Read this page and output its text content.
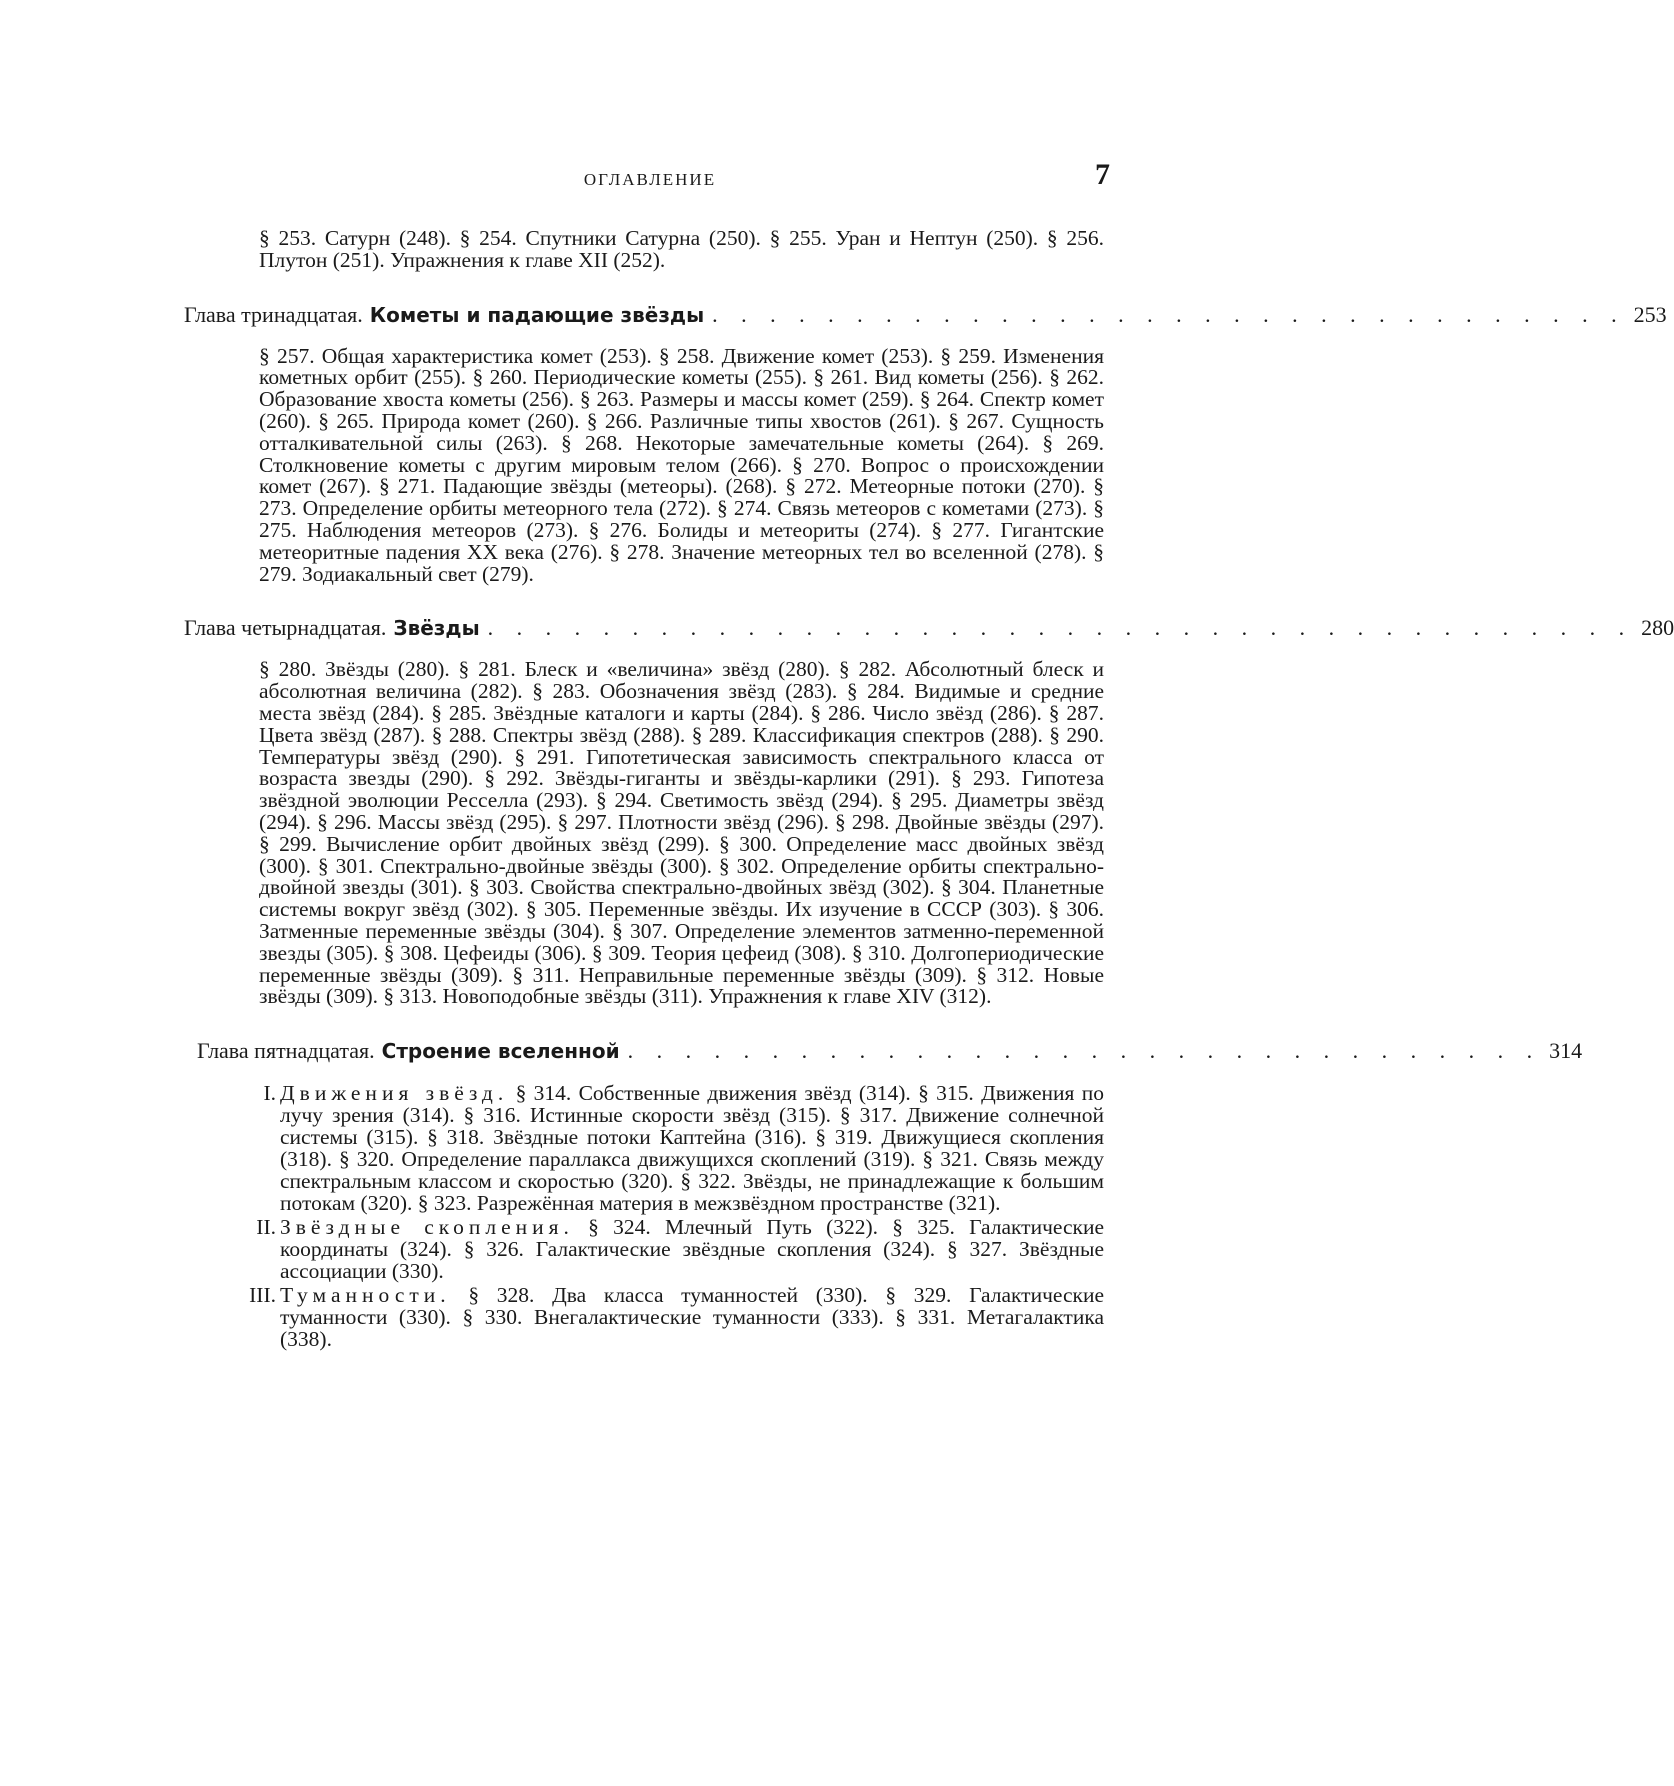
ОГЛАВЛЕНИЕ	7
§ 253. Сатурн (248). § 254. Спутники Сатурна (250). § 255. Уран и Нептун (250). § 256. Плутон (251). Упражнения к главе XII (252).
Глава тринадцатая. Кометы и падающие звёзды . . . . . . . . . . . . . . . . . . . . . . . . . . . . . . . . 253
§ 257. Общая характеристика комет (253). § 258. Движение комет (253). § 259. Изменения кометных орбит (255). § 260. Периодические кометы (255). § 261. Вид кометы (256). § 262. Образование хвоста кометы (256). § 263. Размеры и массы комет (259). § 264. Спектр комет (260). § 265. Природа комет (260). § 266. Различные типы хвостов (261). § 267. Сущность отталкивательной силы (263). § 268. Некоторые замечательные кометы (264). § 269. Столкновение кометы с другим мировым телом (266). § 270. Вопрос о происхождении комет (267). § 271. Падающие звёзды (метеоры). (268). § 272. Метеорные потоки (270). § 273. Определение орбиты метеорного тела (272). § 274. Связь метеоров с кометами (273). § 275. Наблюдения метеоров (273). § 276. Болиды и метеориты (274). § 277. Гигантские метеоритные падения XX века (276). § 278. Значение метеорных тел во вселенной (278). § 279. Зодиакальный свет (279).
Глава четырнадцатая. Звёзды . . . . . . . . . . . . . . . . . . . . . . . . . . . . . . . . . . . . . . . . 280
§ 280. Звёзды (280). § 281. Блеск и «величина» звёзд (280). § 282. Абсолютный блеск и абсолютная величина (282). § 283. Обозначения звёзд (283). § 284. Видимые и средние места звёзд (284). § 285. Звёздные каталоги и карты (284). § 286. Число звёзд (286). § 287. Цвета звёзд (287). § 288. Спектры звёзд (288). § 289. Классификация спектров (288). § 290. Температуры звёзд (290). § 291. Гипотетическая зависимость спектрального класса от возраста звезды (290). § 292. Звёзды-гиганты и звёзды-карлики (291). § 293. Гипотеза звёздной эволюции Ресселла (293). § 294. Светимость звёзд (294). § 295. Диаметры звёзд (294). § 296. Массы звёзд (295). § 297. Плотности звёзд (296). § 298. Двойные звёзды (297). § 299. Вычисление орбит двойных звёзд (299). § 300. Определение масс двойных звёзд (300). § 301. Спектрально-двойные звёзды (300). § 302. Определение орбиты спектрально-двойной звезды (301). § 303. Свойства спектрально-двойных звёзд (302). § 304. Планетные системы вокруг звёзд (302). § 305. Переменные звёзды. Их изучение в СССР (303). § 306. Затменные переменные звёзды (304). § 307. Определение элементов затменно-переменной звезды (305). § 308. Цефеиды (306). § 309. Теория цефеид (308). § 310. Долгопериодические переменные звёзды (309). § 311. Неправильные переменные звёзды (309). § 312. Новые звёзды (309). § 313. Новоподобные звёзды (311). Упражнения к главе XIV (312).
Глава пятнадцатая. Строение вселенной . . . . . . . . . . . . . . . . . . . . . . . . . . . . . . . . 314
I. Движения звёзд. § 314. Собственные движения звёзд (314). § 315. Движения по лучу зрения (314). § 316. Истинные скорости звёзд (315). § 317. Движение солнечной системы (315). § 318. Звёздные потоки Каптейна (316). § 319. Движущиеся скопления (318). § 320. Определение параллакса движущихся скоплений (319). § 321. Связь между спектральным классом и скоростью (320). § 322. Звёзды, не принадлежащие к большим потокам (320). § 323. Разрежённая материя в межзвёздном пространстве (321).
II. Звёздные скопления. § 324. Млечный Путь (322). § 325. Галактические координаты (324). § 326. Галактические звёздные скопления (324). § 327. Звёздные ассоциации (330).
III. Туманности. § 328. Два класса туманностей (330). § 329. Галактические туманности (330). § 330. Внегалактические туманности (333). § 331. Метагалактика (338).
